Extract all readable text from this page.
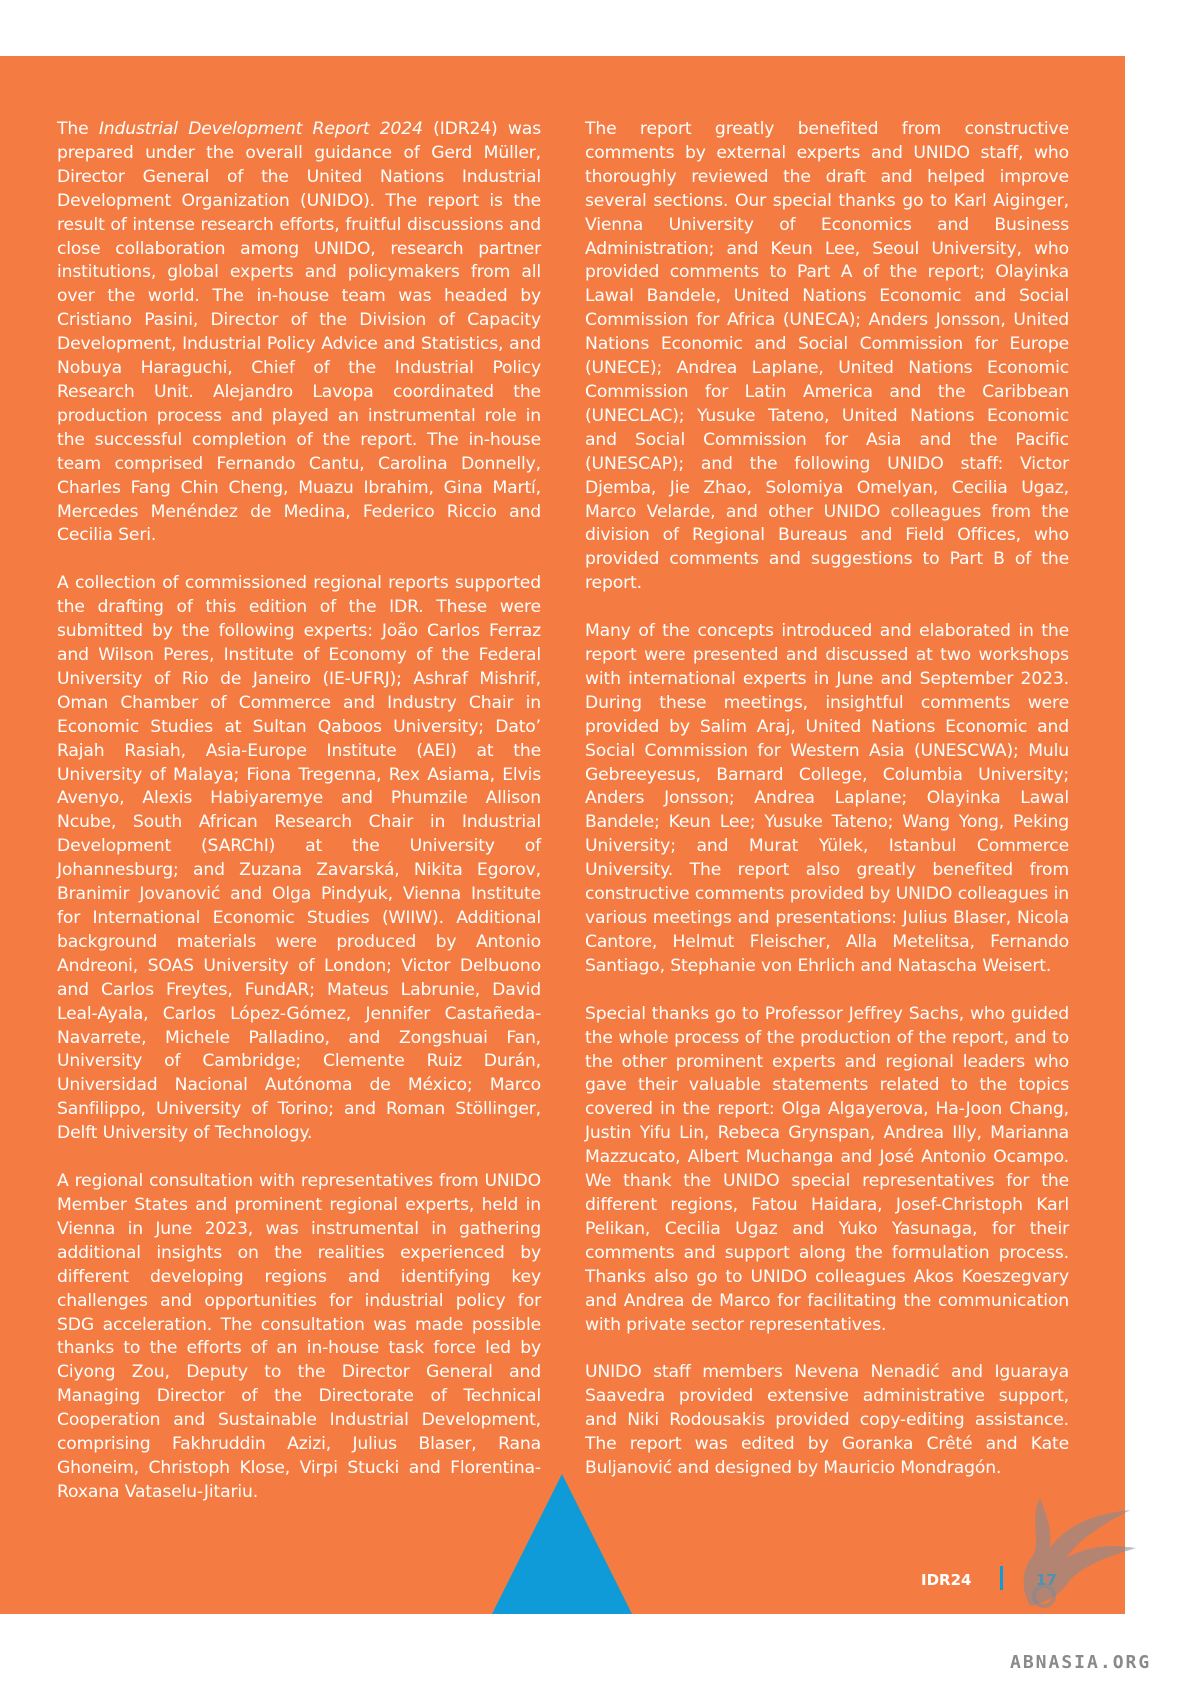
The Industrial Development Report 2024 (IDR24) was prepared under the overall guidance of Gerd Müller, Director General of the United Nations Industrial Development Organization (UNIDO). The report is the result of intense research efforts, fruitful discussions and close collaboration among UNIDO, research partner institutions, global experts and policymakers from all over the world. The in-house team was headed by Cristiano Pasini, Director of the Division of Capacity Development, Industrial Policy Advice and Statistics, and Nobuya Haraguchi, Chief of the Industrial Policy Research Unit. Alejandro Lavopa coordinated the production process and played an instrumental role in the successful completion of the report. The in-house team comprised Fernando Cantu, Carolina Donnelly, Charles Fang Chin Cheng, Muazu Ibrahim, Gina Martí, Mercedes Menéndez de Medina, Federico Riccio and Cecilia Seri.

A collection of commissioned regional reports supported the drafting of this edition of the IDR. These were submitted by the following experts: João Carlos Ferraz and Wilson Peres, Institute of Economy of the Federal University of Rio de Janeiro (IE-UFRJ); Ashraf Mishrif, Oman Chamber of Commerce and Industry Chair in Economic Studies at Sultan Qaboos University; Dato’ Rajah Rasiah, Asia-Europe Institute (AEI) at the University of Malaya; Fiona Tregenna, Rex Asiama, Elvis Avenyo, Alexis Habiyaremye and Phumzile Allison Ncube, South African Research Chair in Industrial Development (SARChI) at the University of Johannesburg; and Zuzana Zavarská, Nikita Egorov, Branimir Jovanović and Olga Pindyuk, Vienna Institute for International Economic Studies (WIIW). Additional background materials were produced by Antonio Andreoni, SOAS University of London; Victor Delbuono and Carlos Freytes, FundAR; Mateus Labrunie, David Leal-Ayala, Carlos López-Gómez, Jennifer Castañeda-Navarrete, Michele Palladino, and Zongshuai Fan, University of Cambridge; Clemente Ruiz Durán, Universidad Nacional Autónoma de México; Marco Sanfilippo, University of Torino; and Roman Stöllinger, Delft University of Technology.

A regional consultation with representatives from UNIDO Member States and prominent regional experts, held in Vienna in June 2023, was instrumental in gathering additional insights on the realities experienced by different developing regions and identifying key challenges and opportunities for industrial policy for SDG acceleration. The consultation was made possible thanks to the efforts of an in-house task force led by Ciyong Zou, Deputy to the Director General and Managing Director of the Directorate of Technical Cooperation and Sustainable Industrial Development, comprising Fakhruddin Azizi, Julius Blaser, Rana Ghoneim, Christoph Klose, Virpi Stucki and Florentina-Roxana Vataselu-Jitariu.

The report greatly benefited from constructive comments by external experts and UNIDO staff, who thoroughly reviewed the draft and helped improve several sections. Our special thanks go to Karl Aiginger, Vienna University of Economics and Business Administration; and Keun Lee, Seoul University, who provided comments to Part A of the report; Olayinka Lawal Bandele, United Nations Economic and Social Commission for Africa (UNECA); Anders Jonsson, United Nations Economic and Social Commission for Europe (UNECE); Andrea Laplane, United Nations Economic Commission for Latin America and the Caribbean (UNECLAC); Yusuke Tateno, United Nations Economic and Social Commission for Asia and the Pacific (UNESCAP); and the following UNIDO staff: Victor Djemba, Jie Zhao, Solomiya Omelyan, Cecilia Ugaz, Marco Velarde, and other UNIDO colleagues from the division of Regional Bureaus and Field Offices, who provided comments and suggestions to Part B of the report.

Many of the concepts introduced and elaborated in the report were presented and discussed at two workshops with international experts in June and September 2023. During these meetings, insightful comments were provided by Salim Araj, United Nations Economic and Social Commission for Western Asia (UNESCWA); Mulu Gebreeyesus, Barnard College, Columbia University; Anders Jonsson; Andrea Laplane; Olayinka Lawal Bandele; Keun Lee; Yusuke Tateno; Wang Yong, Peking University; and Murat Yülek, Istanbul Commerce University. The report also greatly benefited from constructive comments provided by UNIDO colleagues in various meetings and presentations: Julius Blaser, Nicola Cantore, Helmut Fleischer, Alla Metelitsa, Fernando Santiago, Stephanie von Ehrlich and Natascha Weisert.

Special thanks go to Professor Jeffrey Sachs, who guided the whole process of the production of the report, and to the other prominent experts and regional leaders who gave their valuable statements related to the topics covered in the report: Olga Algayerova, Ha-Joon Chang, Justin Yifu Lin, Rebeca Grynspan, Andrea Illy, Marianna Mazzucato, Albert Muchanga and José Antonio Ocampo. We thank the UNIDO special representatives for the different regions, Fatou Haidara, Josef-Christoph Karl Pelikan, Cecilia Ugaz and Yuko Yasunaga, for their comments and support along the formulation process. Thanks also go to UNIDO colleagues Akos Koeszegvary and Andrea de Marco for facilitating the communication with private sector representatives.

UNIDO staff members Nevena Nenadić and Iguaraya Saavedra provided extensive administrative support, and Niki Rodousakis provided copy-editing assistance. The report was edited by Goranka Crêté and Kate Buljanović and designed by Mauricio Mondragón.

IDR24
ABNASIA.ORG
